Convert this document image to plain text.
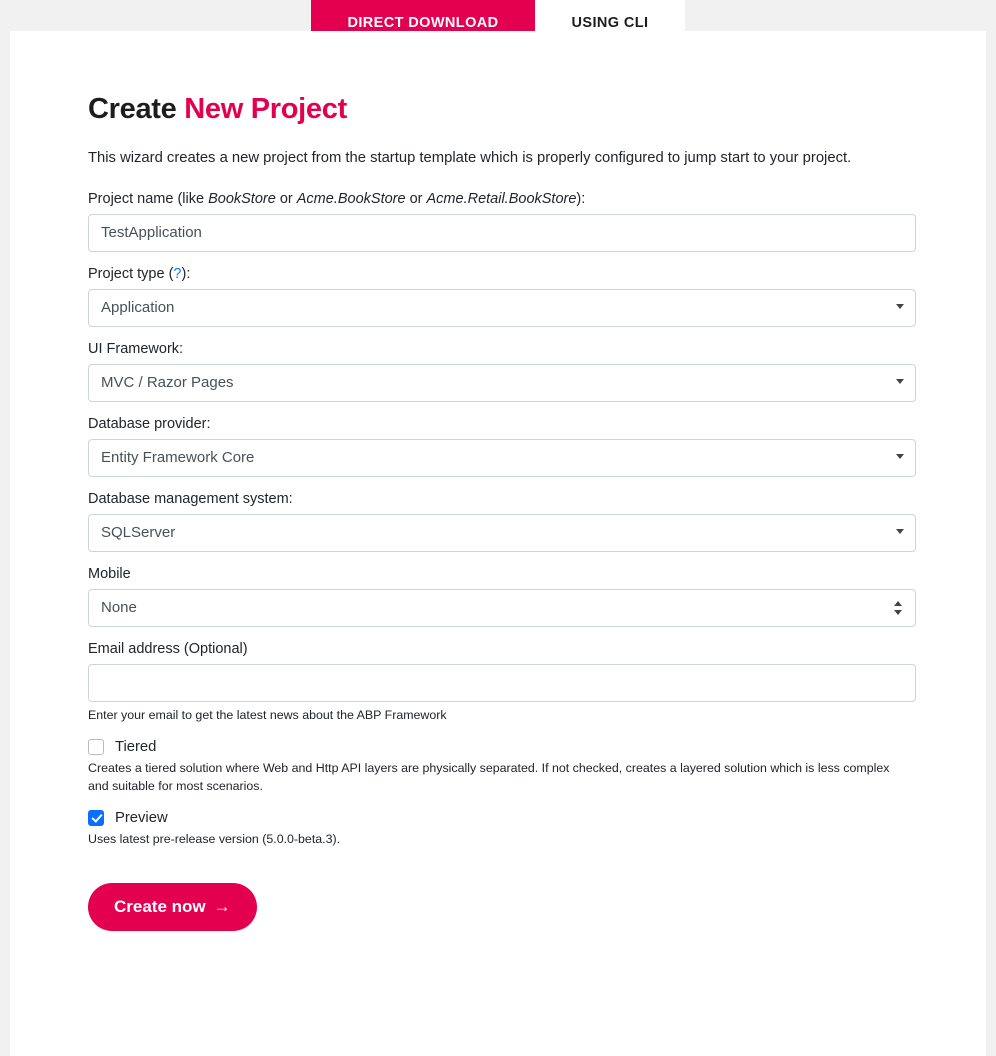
DIRECT DOWNLOAD	USING CLI
Create New Project

This wizard creates a new project from the startup template which is properly configured to jump start to your project.

Project name (like BookStore or Acme.BookStore or Acme.Retail.BookStore):
TestApplication
Project type (?):
Application
UI Framework:
MVC / Razor Pages
Database provider:
Entity Framework Core
Database management system:
SQLServer
Mobile
None
Email address (Optional)
Enter your email to get the latest news about the ABP Framework
Tiered
Creates a tiered solution where Web and Http API layers are physically separated. If not checked, creates a layered solution which is less complex and suitable for most scenarios.
Preview
Uses latest pre-release version (5.0.0-beta.3).
Create now →
